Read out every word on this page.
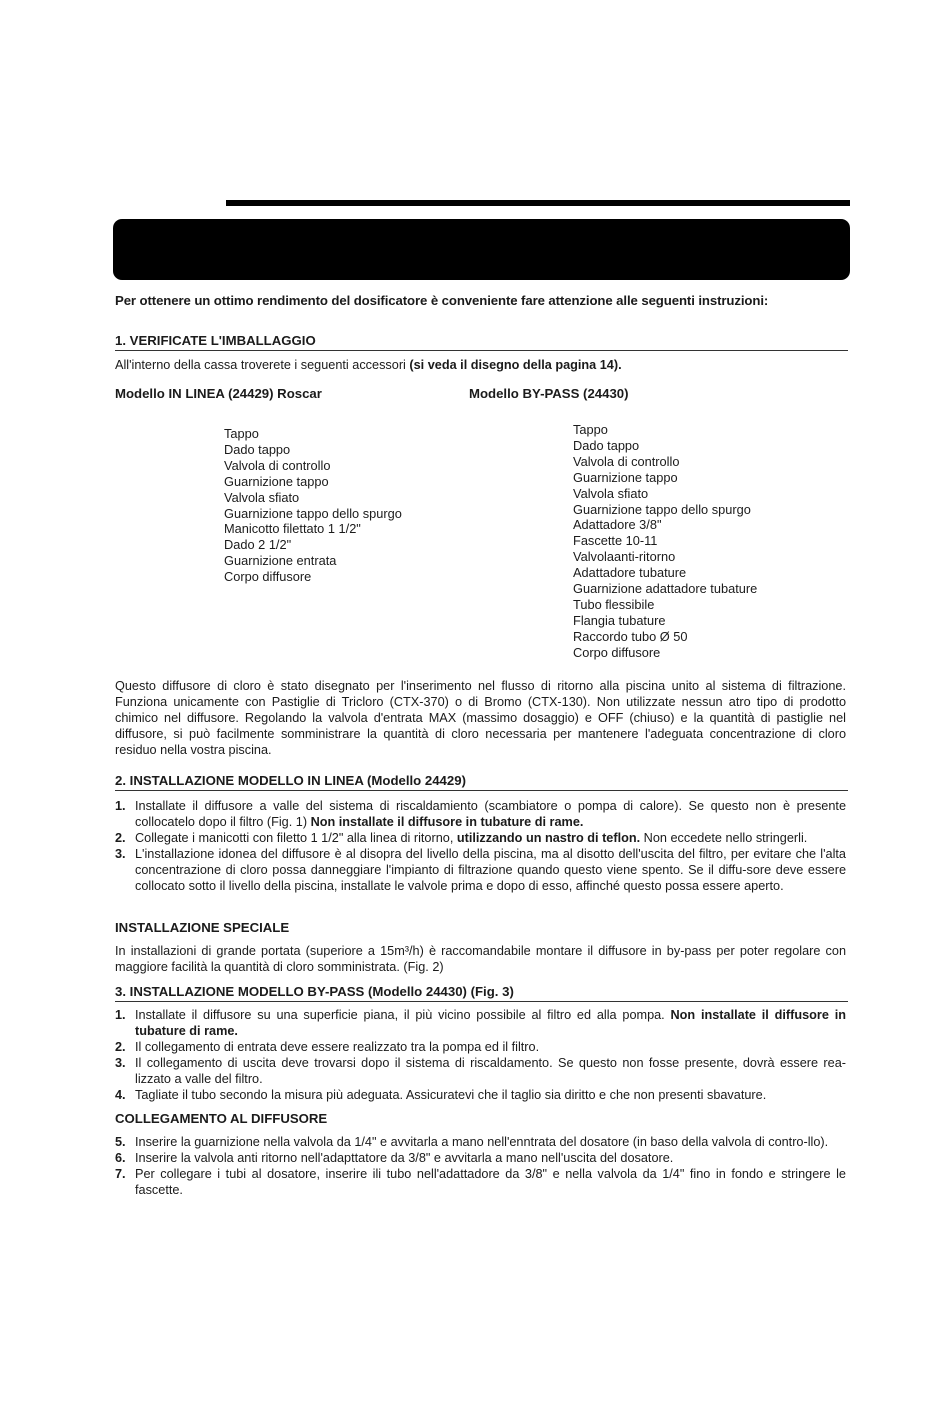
Per ottenere un ottimo rendimento del dosificatore è conveniente fare attenzione alle seguenti instruzioni:
1. VERIFICATE L'IMBALLAGGIO
All'interno della cassa troverete i seguenti accessori (si veda il disegno della pagina 14).
Modello IN LINEA (24429) Roscar	Modello BY-PASS (24430)
Tappo
Dado tappo
Valvola di controllo
Guarnizione tappo
Valvola sfiato
Guarnizione tappo dello spurgo
Manicotto filettato 1 1/2"
Dado 2 1/2"
Guarnizione entrata
Corpo diffusore
Tappo
Dado tappo
Valvola di controllo
Guarnizione tappo
Valvola sfiato
Guarnizione tappo dello spurgo
Adattadore 3/8"
Fascette 10-11
Valvolaanti-ritorno
Adattadore tubature
Guarnizione adattadore tubature
Tubo flessibile
Flangia tubature
Raccordo tubo Ø 50
Corpo diffusore
Questo diffusore di cloro è stato disegnato per l'inserimento nel flusso di ritorno alla piscina unito al sistema di filtrazione. Funziona unicamente con Pastiglie di Tricloro (CTX-370) o di Bromo (CTX-130). Non utilizzate nessun atro tipo di prodotto chimico nel diffusore. Regolando la valvola d'entrata MAX (massimo dosaggio) e OFF (chiuso) e la quantità di pastiglie nel diffusore, si può facilmente somministrare la quantità di cloro necessaria per mantenere l'adeguata concentrazione di cloro residuo nella vostra piscina.
2. INSTALLAZIONE MODELLO IN LINEA (Modello 24429)
1. Installate il diffusore a valle del sistema di riscaldamiento (scambiatore o pompa di calore). Se questo non è presente collocatelo dopo il filtro (Fig. 1) Non installate il diffusore in tubature di rame.
2. Collegate i manicotti con filetto 1 1/2" alla linea di ritorno, utilizzando un nastro di teflon. Non eccedete nello stringerli.
3. L'installazione idonea del diffusore è al disopra del livello della piscina, ma al disotto dell'uscita del filtro, per evitare che l'alta concentrazione di cloro possa danneggiare l'impianto di filtrazione quando questo viene spento. Se il diffu-sore deve essere collocato sotto il livello della piscina, installate le valvole prima e dopo di esso, affinché questo possa essere aperto.
INSTALLAZIONE SPECIALE
In installazioni di grande portata (superiore a 15m³/h) è raccomandabile montare il diffusore in by-pass per poter regolare con maggiore facilità la quantità di cloro somministrata. (Fig. 2)
3. INSTALLAZIONE MODELLO BY-PASS (Modello 24430) (Fig. 3)
1. Installate il diffusore su una superficie piana, il più vicino possibile al filtro ed alla pompa. Non installate il diffusore in tubature di rame.
2. Il collegamento di entrata deve essere realizzato tra la pompa ed il filtro.
3. Il collegamento di uscita deve trovarsi dopo il sistema di riscaldamento. Se questo non fosse presente, dovrà essere rea-lizzato a valle del filtro.
4. Tagliate il tubo secondo la misura più adeguata. Assicuratevi che il taglio sia diritto e che non presenti sbavature.
COLLEGAMENTO AL DIFFUSORE
5. Inserire la guarnizione nella valvola da 1/4" e avvitarla a mano nell'enntrata del dosatore (in baso della valvola di contro-llo).
6. Inserire la valvola anti ritorno nell'adapttatore da 3/8" e avvitarla a mano nell'uscita del dosatore.
7. Per collegare i tubi al dosatore, inserire ili tubo nell'adattadore da 3/8" e nella valvola da 1/4" fino in fondo e stringere le fascette.
